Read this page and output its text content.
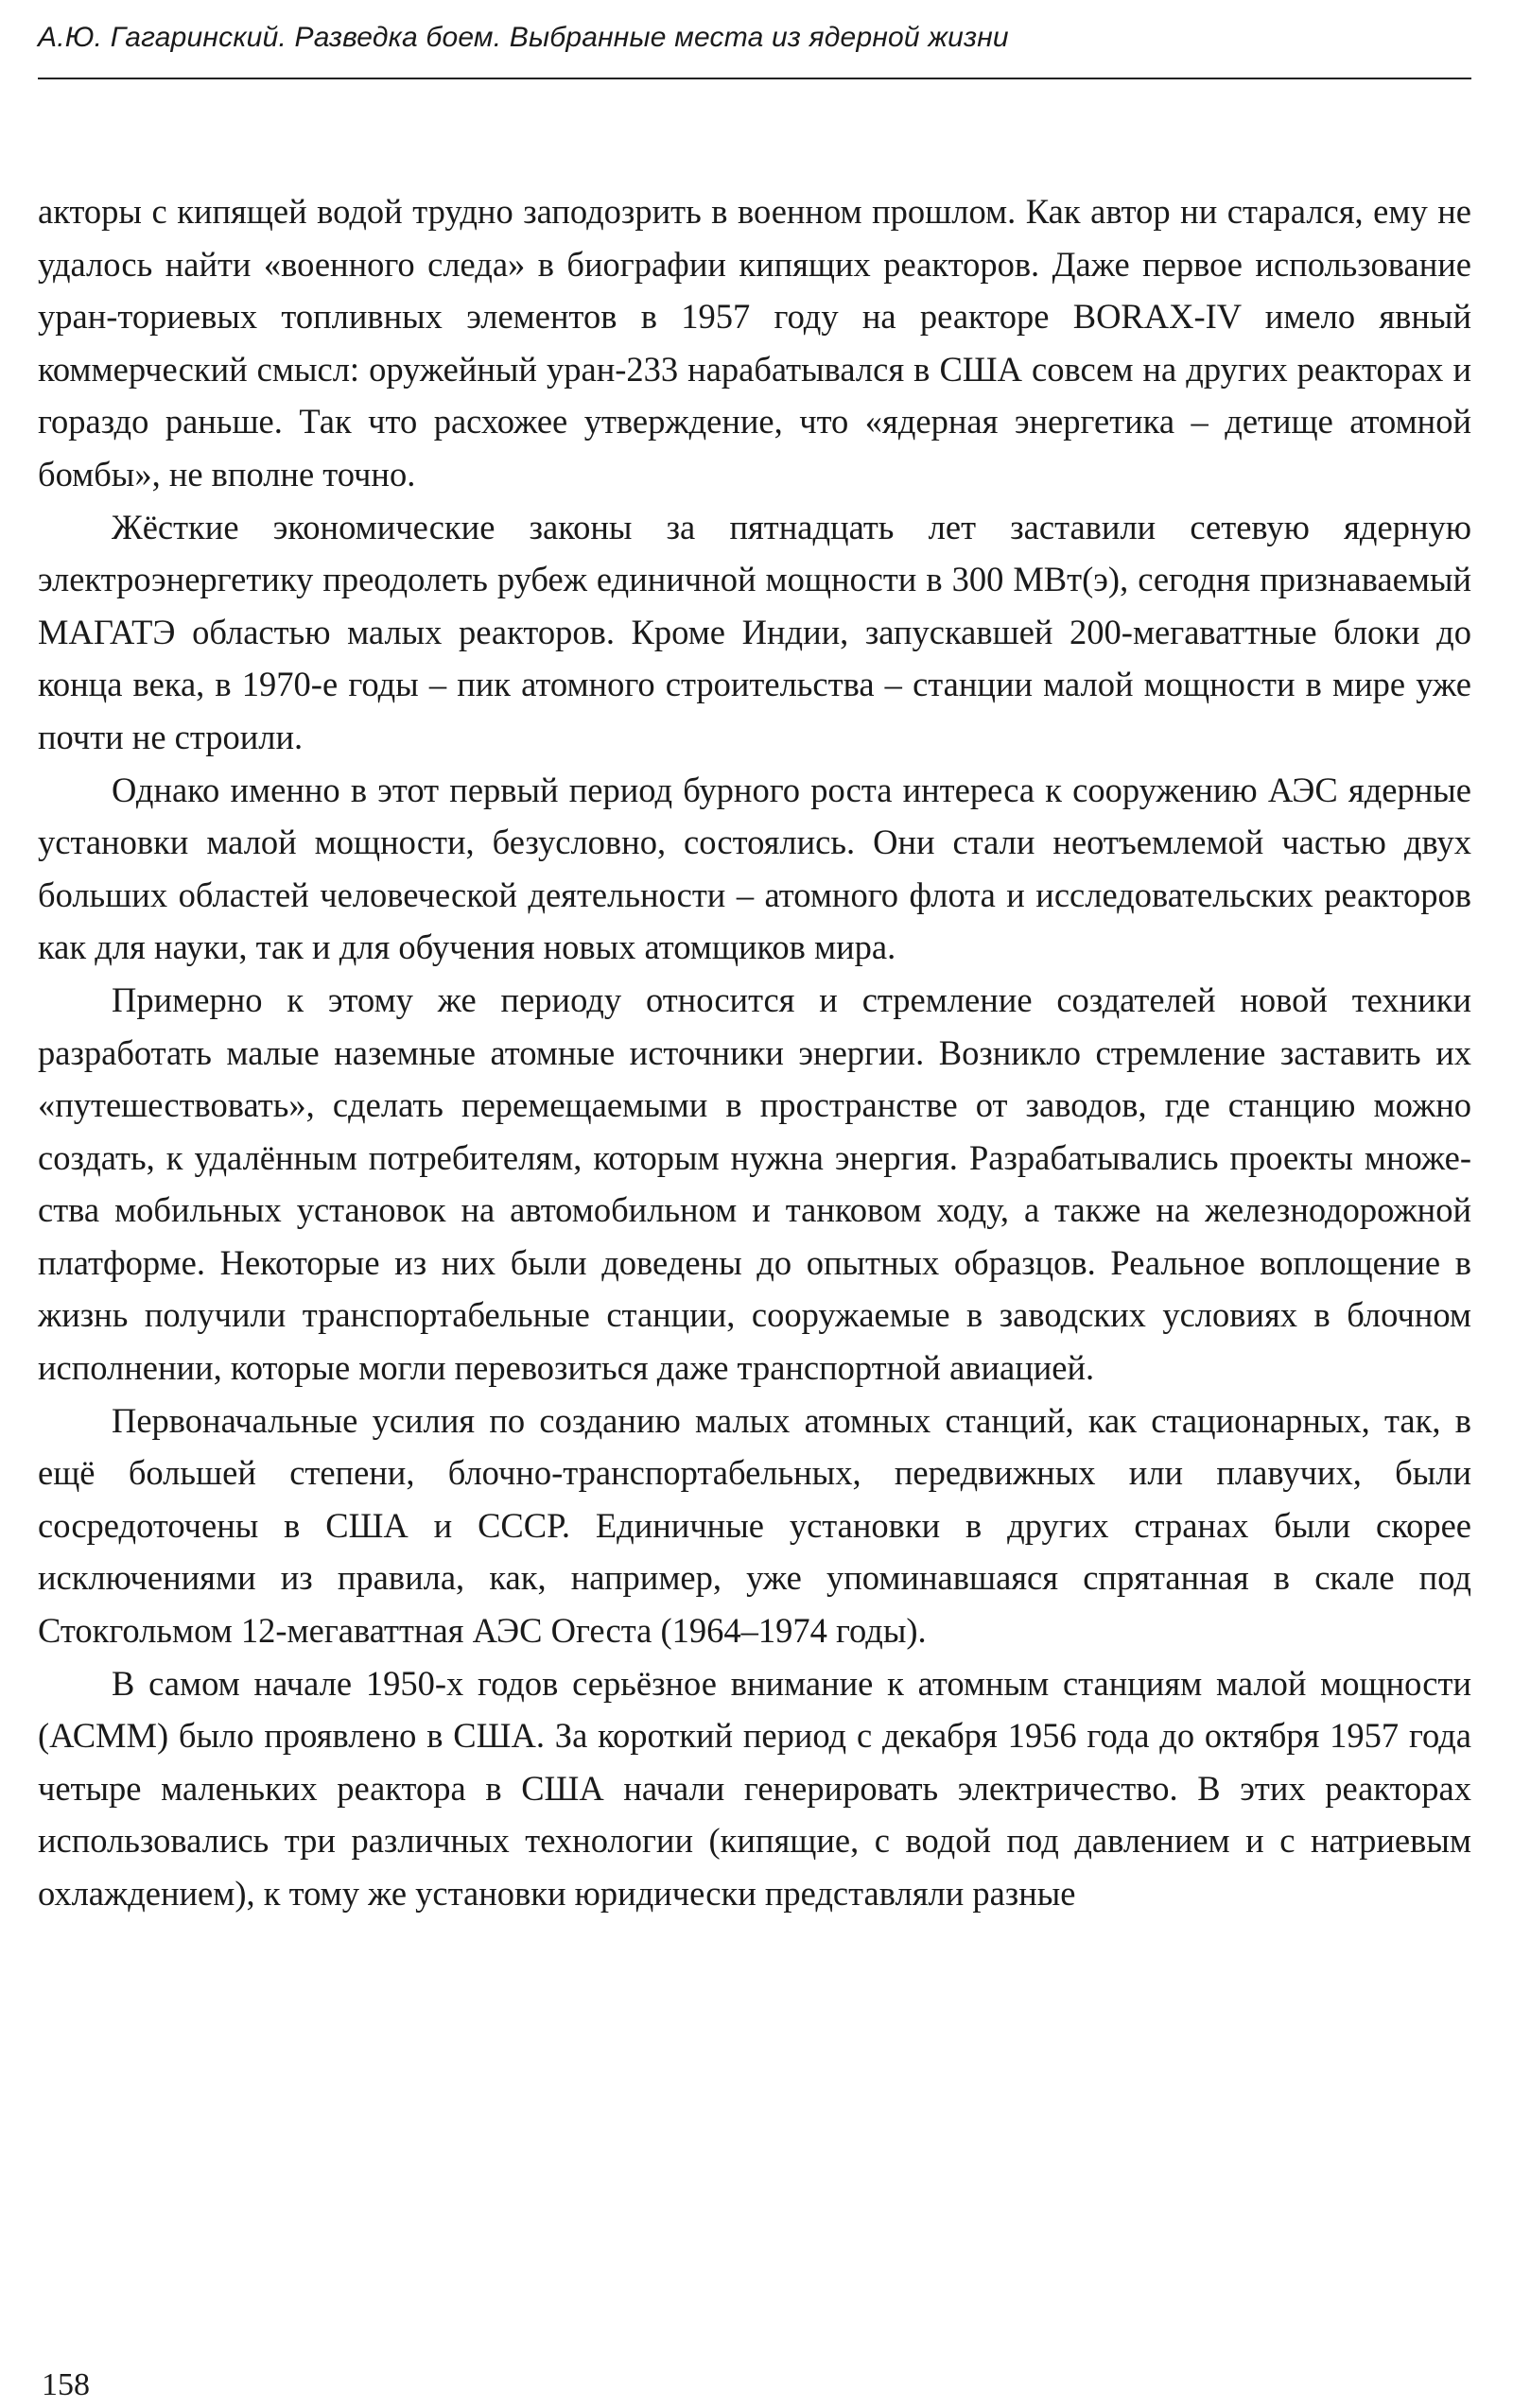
А.Ю. Гагаринский. Разведка боем. Выбранные места из ядерной жизни

акторы с кипящей водой трудно заподозрить в военном прошлом. Как автор ни старался, ему не удалось найти «военного следа» в биографии кипящих реакторов. Даже первое использование уран-ториевых топливных элементов в 1957 году на реакторе BORAX-IV имело явный коммерческий смысл: оружейный уран-233 нарабатывался в США совсем на других реакторах и гораздо раньше. Так что расхожее утверждение, что «ядерная энергетика – детище атомной бомбы», не вполне точно.

Жёсткие экономические законы за пятнадцать лет заставили сетевую ядерную электроэнергетику преодолеть рубеж единичной мощности в 300 МВт(э), сегодня признаваемый МАГАТЭ областью малых реакторов. Кроме Индии, запускавшей 200-мегаваттные блоки до конца века, в 1970-е годы – пик атомного строительства – станции малой мощности в мире уже почти не строили.

Однако именно в этот первый период бурного роста интереса к сооружению АЭС ядерные установки малой мощности, безусловно, состоялись. Они стали неотъемлемой частью двух больших областей человеческой деятельности – атомного флота и исследовательских реакторов как для науки, так и для обучения новых атомщиков мира.

Примерно к этому же периоду относится и стремление создателей новой техники разработать малые наземные атомные источники энергии. Возникло стремление заставить их «путешествовать», сделать перемещаемыми в пространстве от заводов, где станцию можно создать, к удалённым потребителям, которым нужна энергия. Разрабатывались проекты множества мобильных установок на автомобильном и танковом ходу, а также на железнодорожной платформе. Некоторые из них были доведены до опытных образцов. Реальное воплощение в жизнь получили транспортабельные станции, сооружаемые в заводских условиях в блочном исполнении, которые могли перевозиться даже транспортной авиацией.

Первоначальные усилия по созданию малых атомных станций, как стационарных, так, в ещё большей степени, блочно-транспортабельных, передвижных или плавучих, были сосредоточены в США и СССР. Единичные установки в других странах были скорее исключениями из правила, как, например, уже упоминавшаяся спрятанная в скале под Стокгольмом 12-мегаваттная АЭС Огеста (1964–1974 годы).

В самом начале 1950-х годов серьёзное внимание к атомным станциям малой мощности (АСММ) было проявлено в США. За короткий период с декабря 1956 года до октября 1957 года четыре маленьких реактора в США начали генерировать электричество. В этих реакторах использовались три различных технологии (кипящие, с водой под давлением и с натриевым охлаждением), к тому же установки юридически представляли разные

158
